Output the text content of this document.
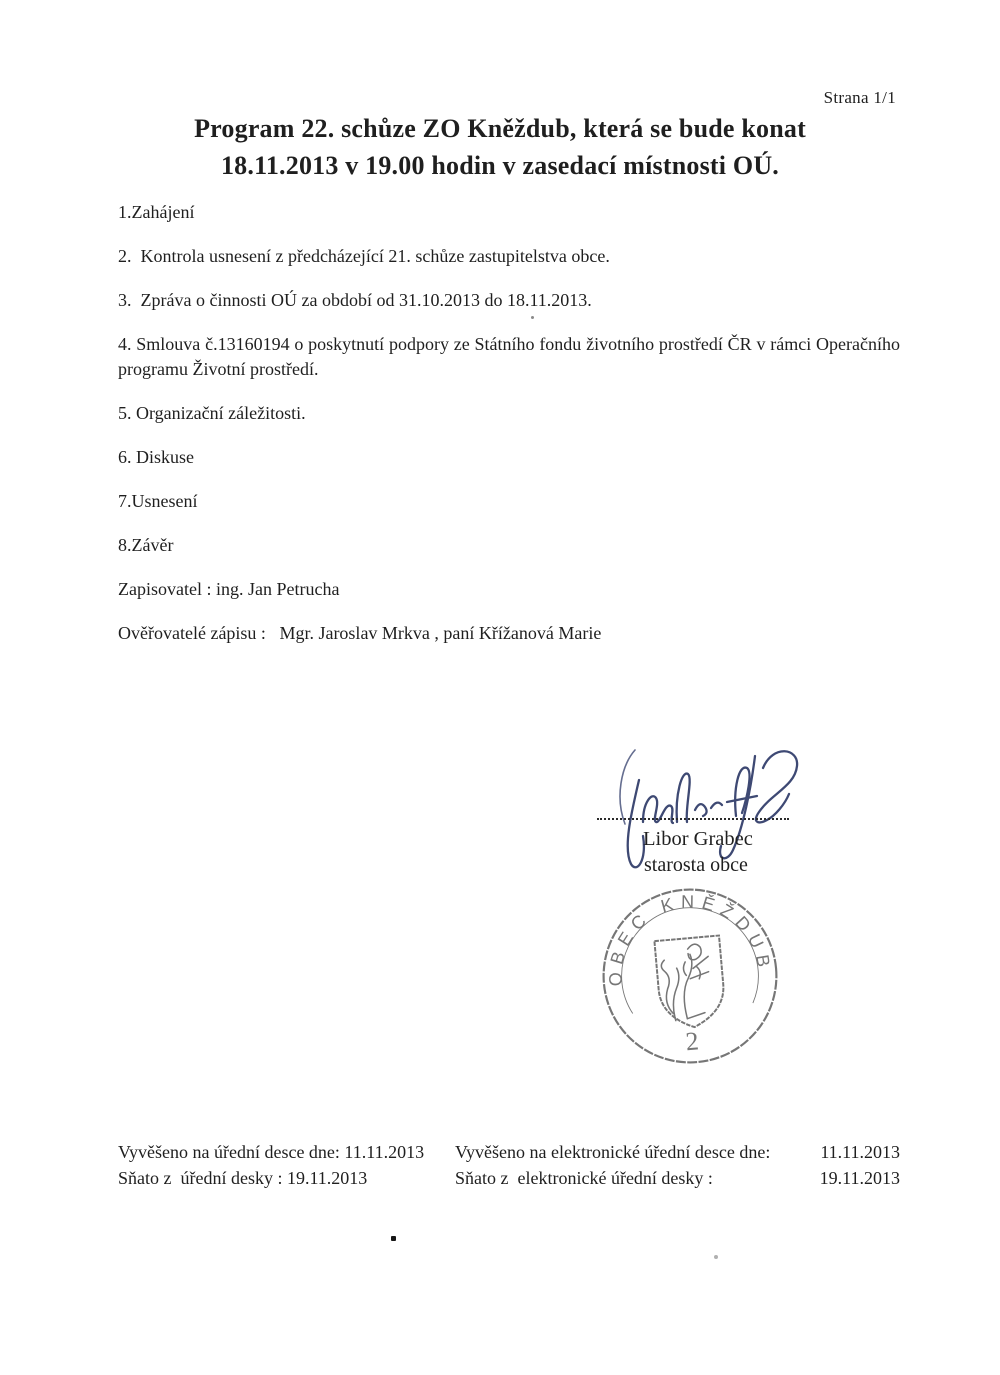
Strana 1/1
Program 22. schůze ZO Kněždub, která se bude konat
18.11.2013 v 19.00 hodin v zasedací místnosti OÚ.

1.Zahájení

2.  Kontrola usnesení z předcházející 21. schůze zastupitelstva obce.

3.  Zpráva o činnosti OÚ za období od 31.10.2013 do 18.11.2013.

4. Smlouva č.13160194 o poskytnutí podpory ze Státního fondu životního prostředí ČR v rámci Operačního programu Životní prostředí.

5. Organizační záležitosti.

6. Diskuse

7.Usnesení

8.Závěr

Zapisovatel : ing. Jan Petrucha

Ověřovatelé zápisu :   Mgr. Jaroslav Mrkva , paní Křížanová Marie

Libor Grabec
starosta obce
OBEC KNĚŽDUB
2
Vyvěšeno na úřední desce dne: 11.11.2013	Vyvěšeno na elektronické úřední desce dne:	11.11.2013
Sňato z  úřední desky : 19.11.2013	Sňato z  elektronické úřední desky :	19.11.2013
